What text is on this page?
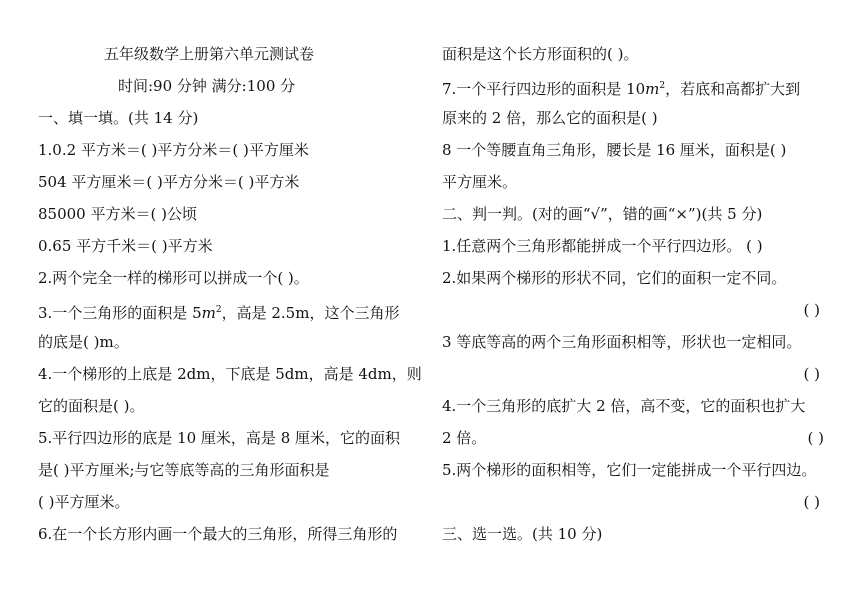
五年级数学上册第六单元测试卷
时间:90 分钟 满分:100 分
一、填一填。(共 14 分)
1.0.2 平方米＝( )平方分米＝( )平方厘米
504 平方厘米＝( )平方分米＝( )平方米
85000 平方米＝( )公顷
0.65 平方千米＝( )平方米
2.两个完全一样的梯形可以拼成一个( )。
3.一个三角形的面积是 $5m^2$，高是 2.5m，这个三角形
的底是( )m。
4.一个梯形的上底是 2dm，下底是 5dm，高是 4dm，则
它的面积是( )。
5.平行四边形的底是 10 厘米，高是 8 厘米，它的面积
是( )平方厘米;与它等底等高的三角形面积是
( )平方厘米。
6.在一个长方形内画一个最大的三角形，所得三角形的
面积是这个长方形面积的( )。
7.一个平行四边形的面积是 $10m^2$，若底和高都扩大到
原来的 2 倍，那么它的面积是( )
8 一个等腰直角三角形，腰长是 16 厘米，面积是( )
平方厘米。
二、判一判。(对的画“√”，错的画“×”)(共 5 分)
1.任意两个三角形都能拼成一个平行四边形。 ( )
2.如果两个梯形的形状不同，它们的面积一定不同。
( )
3 等底等高的两个三角形面积相等，形状也一定相同。
( )
4.一个三角形的底扩大 2 倍，高不变，它的面积也扩大
2 倍。	( )
5.两个梯形的面积相等，它们一定能拼成一个平行四边。
( )
三、选一选。(共 10 分)
